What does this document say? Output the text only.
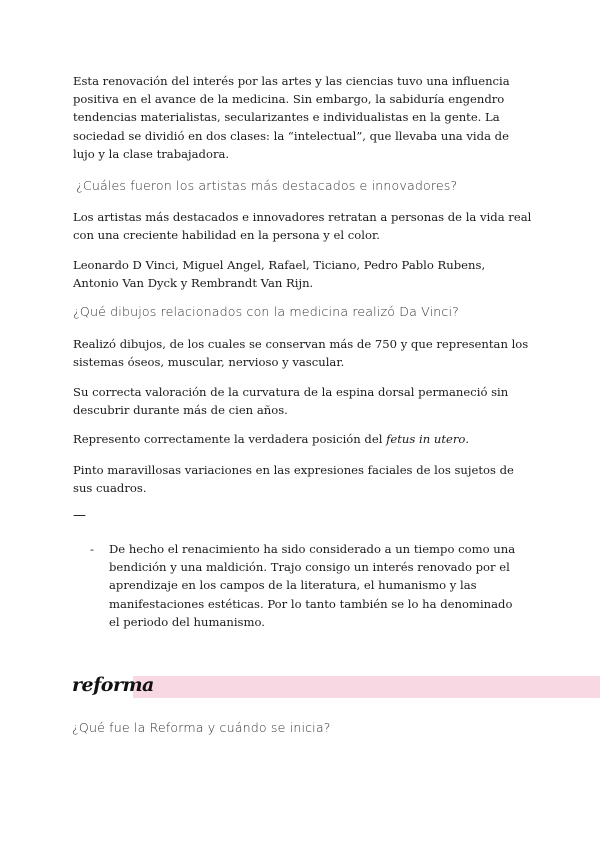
Esta renovación del interés por las artes y las ciencias tuvo una influencia positiva en el avance de la medicina. Sin embargo, la sabiduría engendro tendencias materialistas, secularizantes e individualistas en la gente. La sociedad se dividió en dos clases: la “intelectual”, que llevaba una vida de lujo y la clase trabajadora.

¿Cuáles fueron los artistas más destacados e innovadores?

Los artistas más destacados e innovadores retratan a personas de la vida real con una creciente habilidad en la persona y el color.

Leonardo D Vinci, Miguel Angel, Rafael, Ticiano, Pedro Pablo Rubens, Antonio Van Dyck y Rembrandt Van Rijn.

¿Qué dibujos relacionados con la medicina realizó Da Vinci?

Realizó dibujos, de los cuales se conservan más de 750 y que representan los sistemas óseos, muscular, nervioso y vascular.

Su correcta valoración de la curvatura de la espina dorsal permaneció sin descubrir durante más de cien años.

Represento correctamente la verdadera posición del fetus in utero.

Pinto maravillosas variaciones en las expresiones faciales de los sujetos de sus cuadros.

—

- De hecho el renacimiento ha sido considerado a un tiempo como una bendición y una maldición. Trajo consigo un interés renovado por el aprendizaje en los campos de la literatura, el humanismo y las manifestaciones estéticas. Por lo tanto también se lo ha denominado el periodo del humanismo.

reforma

¿Qué fue la Reforma y cuándo se inicia?
